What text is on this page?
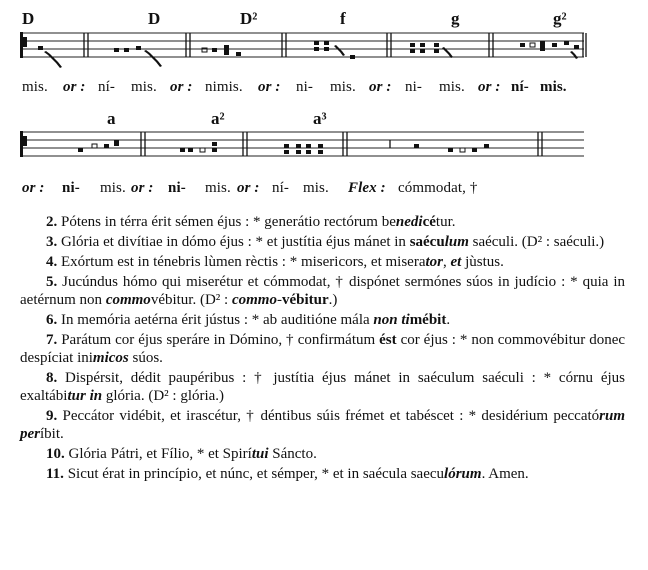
D	D	D²	f	g	g²
mis. or : ní- mis. or : nimis. or : ni- mis. or : ni- mis. or : ní- mis.
a	a²	a³
or : ni- mis. or : ni- mis. or : ní- mis. Flex : cómmodat, †
2. Pótens in térra érit sémen éjus : * generátio rectórum benedicétur.
3. Glória et divítiae in dómo éjus : * et justítia éjus mánet in saéculum saéculi. (D² : saéculi.)
4. Exórtum est in ténebris lùmen rèctis : * misericors, et miserator, et jùstus.
5. Jucúndus hómo qui miserétur et cómmodat, † dispónet sermónes súos in judício : * quia in aetérnum non commovébitur. (D² : commo-vébitur.)
6. In memória aetérna érit jústus : * ab auditióne mála non timébit.
7. Parátum cor éjus speráre in Dómino, † confirmátum ést cor éjus : * non commovébitur donec despíciat inimicos súos.
8. Dispérsit, dédit paupéribus : † justítia éjus mánet in saéculum saéculi : * córnu éjus exaltábitur in glória. (D² : glória.)
9. Peccátor vidébit, et irascétur, † déntibus súis frémet et tabéscet : * desidérium peccatórum períbit.
10. Glória Pátri, et Fílio, * et Spirítui Sáncto.
11. Sicut érat in princípio, et núnc, et sémper, * et in saécula saeculórum. Amen.
